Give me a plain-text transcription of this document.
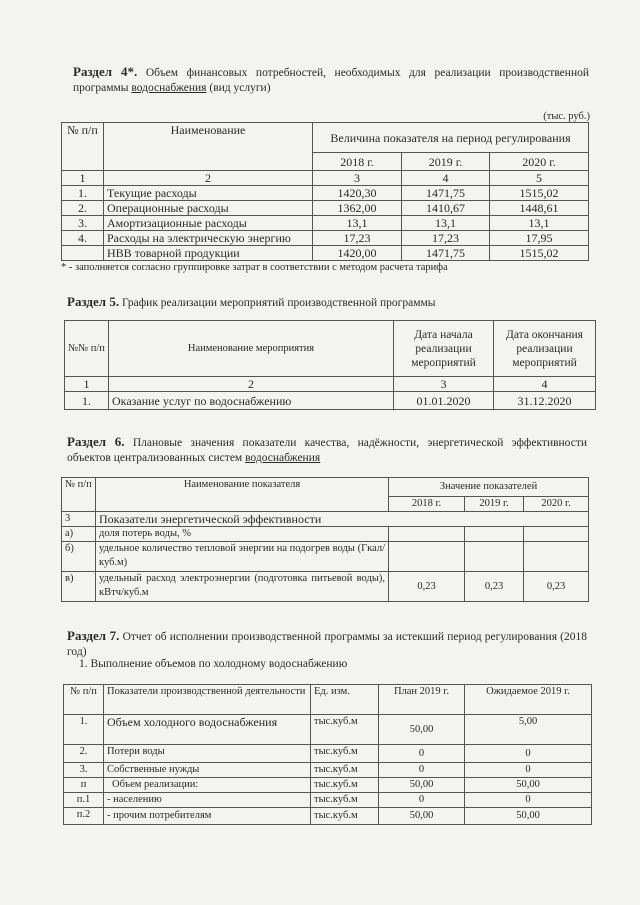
Раздел 4*. Объем финансовых потребностей, необходимых для реализации производственной программы водоснабжения (вид услуги)
(тыс. руб.)
№ п/п	Наименование	Величина показателя на период регулирования		
		2018 г.	2019 г.	2020 г.
1	2	3	4	5
1.	Текущие расходы	1420,30	1471,75	1515,02
2.	Операционные расходы	1362,00	1410,67	1448,61
3.	Амортизационные расходы	13,1	13,1	13,1
4.	Расходы на электрическую энергию	17,23	17,23	17,95
	НВВ товарной продукции	1420,00	1471,75	1515,02
* - заполняется согласно группировке затрат в соответствии с методом расчета тарифа
Раздел 5. График реализации мероприятий производственной программы
№№ п/п	Наименование мероприятия	Дата начала реализации мероприятий	Дата окончания реализации мероприятий
1	2	3	4
1.	Оказание услуг по водоснабжению	01.01.2020	31.12.2020
Раздел 6. Плановые значения показатели качества, надёжности, энергетической эффективности объектов централизованных систем водоснабжения
№ п/п	Наименование показателя	Значение показателей		
		2018 г.	2019 г.	2020 г.
3	Показатели энергетической эффективности			
а)	доля потерь воды, %			
б)	удельное количество тепловой энергии на подогрев воды (Гкал/куб.м)			
в)	удельный расход электроэнергии (подготовка питьевой воды), кВтч/куб.м	0,23	0,23	0,23
Раздел 7. Отчет об исполнении производственной программы за истекший период регулирования (2018 год)
1. Выполнение объемов по холодному водоснабжению
№ п/п	Показатели производственной деятельности	Ед. изм.	План 2019 г.	Ожидаемое 2019 г.
1.	Объем холодного водоснабжения	тыс.куб.м	50,00	5,00
2.	Потери воды	тыс.куб.м	0	0
3.	Собственные нужды	тыс.куб.м	0	0
п	Объем реализации:	тыс.куб.м	50,00	50,00
п.1	- населению	тыс.куб.м	0	0
п.2	- прочим потребителям	тыс.куб.м	50,00	50,00
